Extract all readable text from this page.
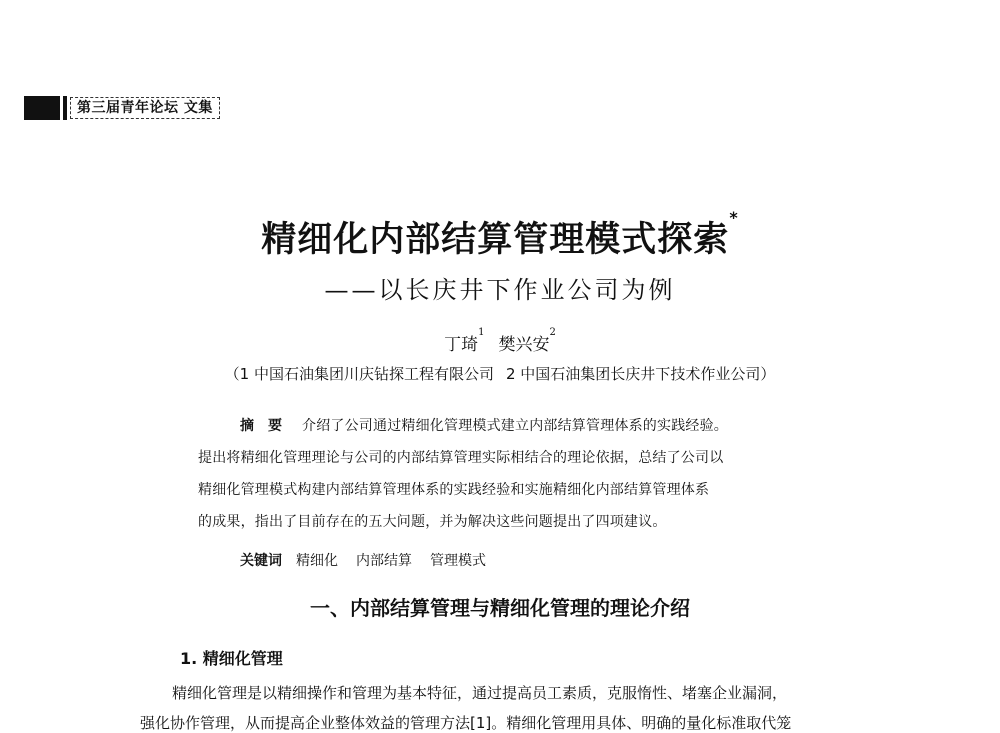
第三届青年论坛 文集
精细化内部结算管理模式探索*
——以长庆井下作业公司为例
丁琦$^1$樊兴安$^2$
（1 中国石油集团川庆钻探工程有限公司 2 中国石油集团长庆井下技术作业公司）
摘要 介绍了公司通过精细化管理模式建立内部结算管理体系的实践经验。
提出将精细化管理理论与公司的内部结算管理实际相结合的理论依据，总结了公司以
精细化管理模式构建内部结算管理体系的实践经验和实施精细化内部结算管理体系
的成果，指出了目前存在的五大问题，并为解决这些问题提出了四项建议。
关键词 精细化 内部结算 管理模式
一、内部结算管理与精细化管理的理论介绍
1. 精细化管理
精细化管理是以精细操作和管理为基本特征，通过提高员工素质，克服惰性、堵塞企业漏洞，
强化协作管理，从而提高企业整体效益的管理方法[1]。精细化管理用具体、明确的量化标准取代笼
